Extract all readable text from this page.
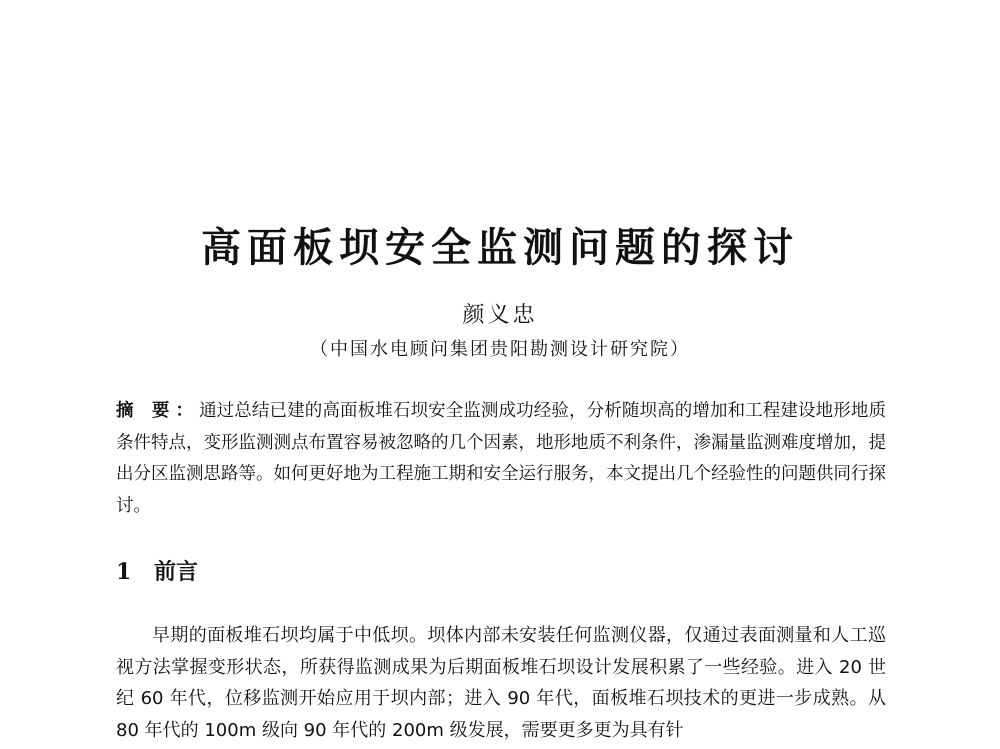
高面板坝安全监测问题的探讨
颜义忠
（中国水电顾问集团贵阳勘测设计研究院）
摘 要：通过总结已建的高面板堆石坝安全监测成功经验，分析随坝高的增加和工程建设地形地质条件特点，变形监测测点布置容易被忽略的几个因素，地形地质不利条件，渗漏量监测难度增加，提出分区监测思路等。如何更好地为工程施工期和安全运行服务，本文提出几个经验性的问题供同行探讨。
1 前言
早期的面板堆石坝均属于中低坝。坝体内部未安装任何监测仪器，仅通过表面测量和人工巡视方法掌握变形状态，所获得监测成果为后期面板堆石坝设计发展积累了一些经验。进入 20 世纪 60 年代，位移监测开始应用于坝内部；进入 90 年代，面板堆石坝技术的更进一步成熟。从 80 年代的 100m 级向 90 年代的 200m 级发展，需要更多更为具有针
